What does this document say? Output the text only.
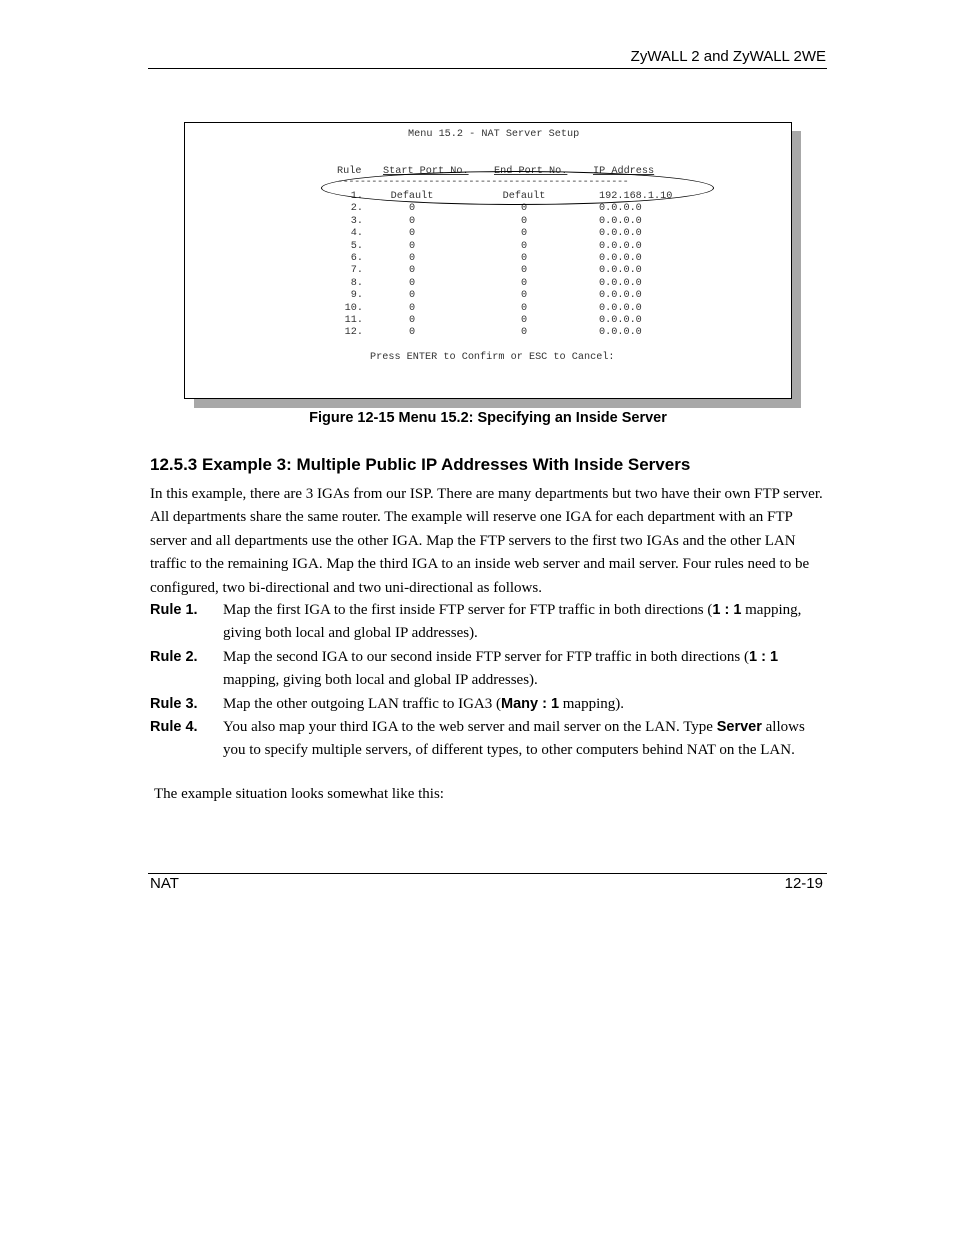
ZyWALL 2 and ZyWALL 2WE
Menu 15.2 - NAT Server Setup
Rule Start Port No. End Port No.	IP Address
---------------------------------------------------
1.	Default	Default	192.168.1.10
2.	0	0	0.0.0.0
3.	0	0	0.0.0.0
4.	0	0	0.0.0.0
5.	0	0	0.0.0.0
6.	0	0	0.0.0.0
7.	0	0	0.0.0.0
8.	0	0	0.0.0.0
9.	0	0	0.0.0.0
10.	0	0	0.0.0.0
11.	0	0	0.0.0.0
12.	0	0	0.0.0.0
Press ENTER to Confirm or ESC to Cancel:
Figure 12-15 Menu 15.2: Specifying an Inside Server
12.5.3 Example 3: Multiple Public IP Addresses With Inside Servers
In this example, there are 3 IGAs from our ISP. There are many departments but two have their own FTP server. All departments share the same router. The example will reserve one IGA for each department with an FTP server and all departments use the other IGA. Map the FTP servers to the first two IGAs and the other LAN traffic to the remaining IGA. Map the third IGA to an inside web server and mail server. Four rules need to be configured, two bi-directional and two uni-directional as follows.
Rule 1. Map the first IGA to the first inside FTP server for FTP traffic in both directions (1 : 1 mapping, giving both local and global IP addresses).
Rule 2. Map the second IGA to our second inside FTP server for FTP traffic in both directions (1 : 1 mapping, giving both local and global IP addresses).
Rule 3. Map the other outgoing LAN traffic to IGA3 (Many : 1 mapping).
Rule 4. You also map your third IGA to the web server and mail server on the LAN. Type Server allows you to specify multiple servers, of different types, to other computers behind NAT on the LAN.
The example situation looks somewhat like this:
NAT	12-19
